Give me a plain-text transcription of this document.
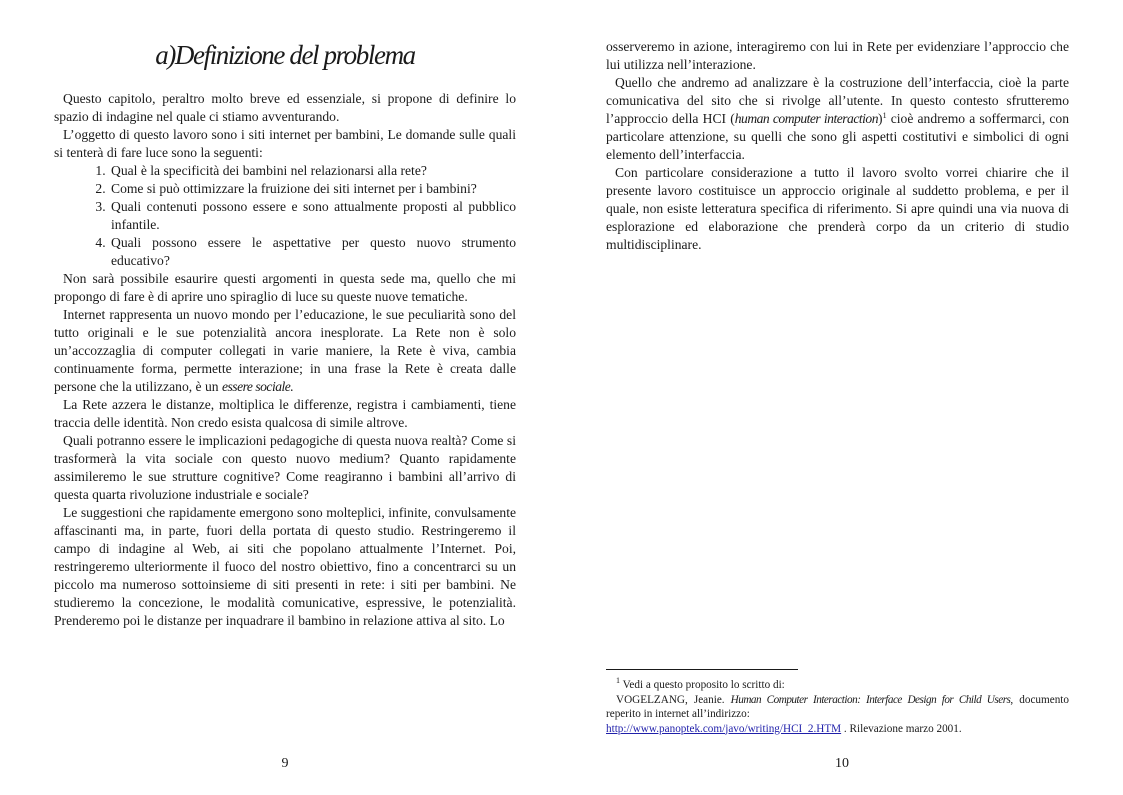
a)Definizione del problema

Questo capitolo, peraltro molto breve ed essenziale, si propone di definire lo spazio di indagine nel quale ci stiamo avventurando.

L’oggetto di questo lavoro sono i siti internet per bambini, Le domande sulle quali si tenterà di fare luce sono la seguenti:

1. Qual è la specificità dei bambini nel relazionarsi alla rete?
2. Come si può ottimizzare la fruizione dei siti internet per i bambini?
3. Quali contenuti possono essere e sono attualmente proposti al pubblico infantile.
4. Quali possono essere le aspettative per questo nuovo strumento educativo?

Non sarà possibile esaurire questi argomenti in questa sede ma, quello che mi propongo di fare è di aprire uno spiraglio di luce su queste nuove tematiche.

Internet rappresenta un nuovo mondo per l’educazione, le sue peculiarità sono del tutto originali e le sue potenzialità ancora inesplorate. La Rete non è solo un’accozzaglia di computer collegati in varie maniere, la Rete è viva, cambia continuamente forma, permette interazione; in una frase la Rete è creata dalle persone che la utilizzano, è un essere sociale.

La Rete azzera le distanze, moltiplica le differenze, registra i cambiamenti, tiene traccia delle identità. Non credo esista qualcosa di simile altrove.

Quali potranno essere le implicazioni pedagogiche di questa nuova realtà? Come si trasformerà la vita sociale con questo nuovo medium? Quanto rapidamente assimileremo le sue strutture cognitive? Come reagiranno i bambini all’arrivo di questa quarta rivoluzione industriale e sociale?

Le suggestioni che rapidamente emergono sono molteplici, infinite, convulsamente affascinanti ma, in parte, fuori della portata di questo studio. Restringeremo il campo di indagine al Web, ai siti che popolano attualmente l’Internet. Poi, restringeremo ulteriormente il fuoco del nostro obiettivo, fino a concentrarci su un piccolo ma numeroso sottoinsieme di siti presenti in rete: i siti per bambini. Ne studieremo la concezione, le modalità comunicative, espressive, le potenzialità. Prenderemo poi le distanze per inquadrare il bambino in relazione attiva al sito. Lo

9

osserveremo in azione, interagiremo con lui in Rete per evidenziare l’approccio che lui utilizza nell’interazione.

Quello che andremo ad analizzare è la costruzione dell’interfaccia, cioè la parte comunicativa del sito che si rivolge all’utente. In questo contesto sfrutteremo l’approccio della HCI (human computer interaction)$^1$ cioè andremo a soffermarci, con particolare attenzione, su quelli che sono gli aspetti costitutivi e simbolici di ogni elemento dell’interfaccia.

Con particolare considerazione a tutto il lavoro svolto vorrei chiarire che il presente lavoro costituisce un approccio originale al suddetto problema, e per il quale, non esiste letteratura specifica di riferimento. Si apre quindi una via nuova di esplorazione ed elaborazione che prenderà corpo da un criterio di studio multidisciplinare.

$^1$ Vedi a questo proposito lo scritto di:

VOGELZANG, Jeanie. Human Computer Interaction: Interface Design for Child Users, documento reperito in internet all’indirizzo:

http://www.panoptek.com/javo/writing/HCI_2.HTM . Rilevazione marzo 2001.

10
